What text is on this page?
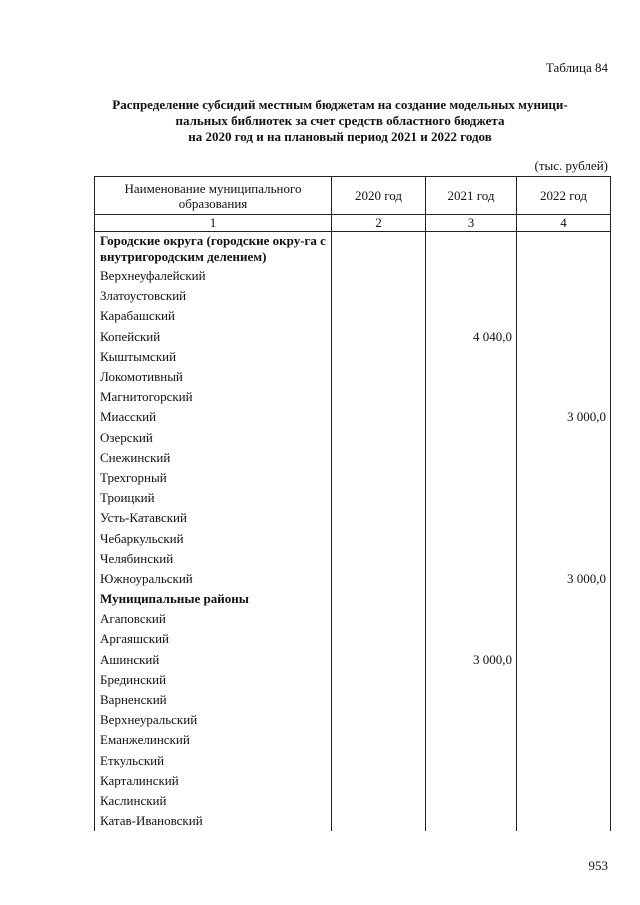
Таблица 84
Распределение субсидий местным бюджетам на создание модельных муници-
пальных библиотек за счет средств областного бюджета
на 2020 год и на плановый период 2021 и 2022 годов
(тыс. рублей)
Наименование муниципального образования	2020 год	2021 год	2022 год
1	2	3	4
Городские округа (городские окру-га с внутригородским делением)			
Верхнеуфалейский			
Златоустовский			
Карабашский			
Копейский		4 040,0	
Кыштымский			
Локомотивный			
Магнитогорский			
Миасский			3 000,0
Озерский			
Снежинский			
Трехгорный			
Троицкий			
Усть-Катавский			
Чебаркульский			
Челябинский			
Южноуральский			3 000,0
Муниципальные районы			
Агаповский			
Аргаяшский			
Ашинский		3 000,0	
Брединский			
Варненский			
Верхнеуральский			
Еманжелинский			
Еткульский			
Карталинский			
Каслинский			
Катав-Ивановский			
953
